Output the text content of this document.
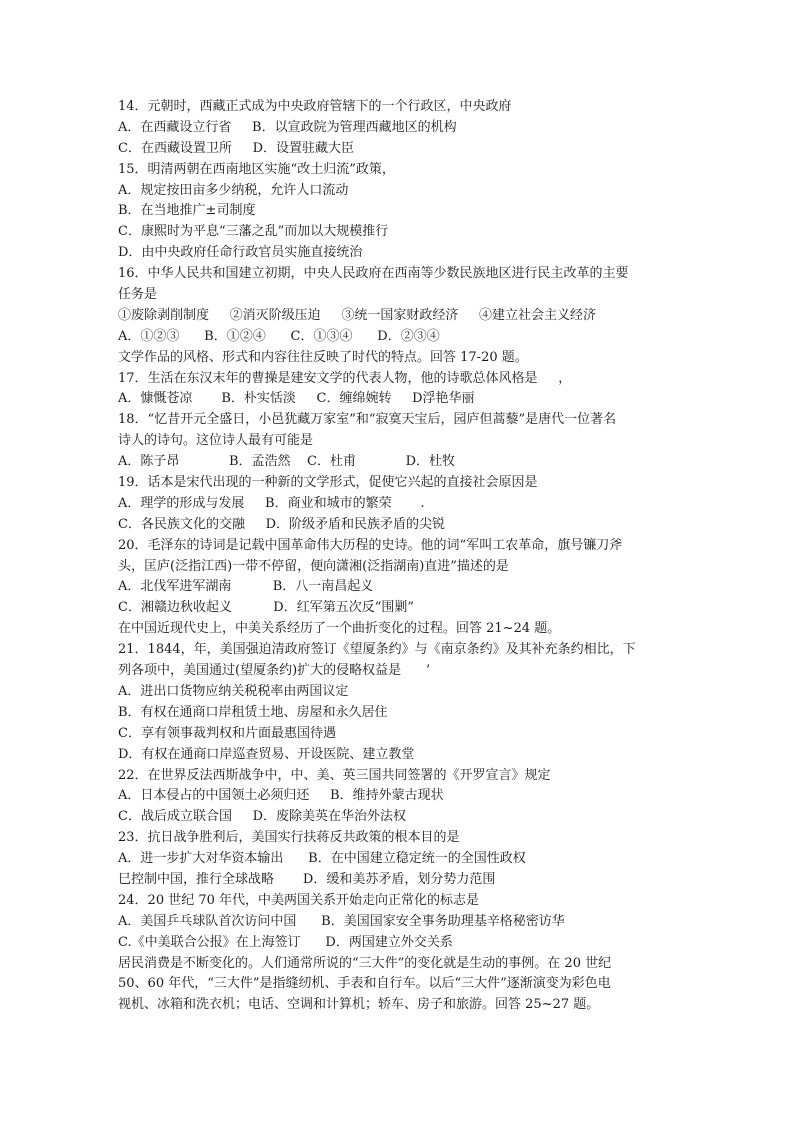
14．元朝时，西藏正式成为中央政府管辖下的一个行政区，中央政府
A．在西藏设立行省     B．以宣政院为管理西藏地区的机构
C．在西藏设置卫所     D．设置驻藏大臣
15．明清两朝在西南地区实施“改土归流”政策，
A．规定按田亩多少纳税，允许人口流动
B．在当地推广±司制度
C．康熙时为平息“三藩之乱”而加以大规模推行
D．由中央政府任命行政官员实施直接统治
16．中华人民共和国建立初期，中央人民政府在西南等少数民族地区进行民主改革的主要
任务是
①废除剥削制度     ②消灭阶级压迫     ③统一国家财政经济     ④建立社会主义经济
A．①②③      B．①②④      C．①③④      D．②③④
文学作品的风格、形式和内容往往反映了时代的特点。回答 17-20 题。
17．生活在东汉末年的曹操是建安文学的代表人物，他的诗歌总体风格是     ，
A．慷慨苍凉       B．朴实恬淡     C．缠绵婉转     D浮艳华丽
18．“忆昔开元全盛日，小邑犹藏万家室”和“寂寞天宝后，园庐但蒿藜”是唐代一位著名
诗人的诗句。这位诗人最有可能是
A．陈子昂            B．孟浩然    C．杜甫            D．杜牧
19．话本是宋代出现的一种新的文学形式，促使它兴起的直接社会原因是
A．理学的形成与发展     B．商业和城市的繁荣       .
C．各民族文化的交融     D．阶级矛盾和民族矛盾的尖锐
20．毛泽东的诗词是记载中国革命伟大历程的史诗。他的词“军叫工农革命，旗号镰刀斧
头，匡庐(泛指江西)一带不停留，便向潇湘(泛指湖南)直进”描述的是
A．北伐军进军湖南          B．八一南昌起义
C．湘赣边秋收起义          D．红军第五次反“围剿”
在中国近现代史上，中美关系经历了一个曲折变化的过程。回答 21~24 题。
21．1844，年，美国强迫清政府签订《望厦条约》与《南京条约》及其补充条约相比，下
列各项中，美国通过(望厦条约)扩大的侵略权益是      ’
A．进出口货物应纳关税税率由两国议定
B．有权在通商口岸租赁土地、房屋和永久居住
C．享有领事裁判权和片面最惠国待遇
D．有权在通商口岸巡查贸易、开设医院、建立教堂
22．在世界反法西斯战争中，中、美、英三国共同签署的《开罗宣言》规定
A．日本侵占的中国领土必须归还     B．维持外蒙古现状
C．战后成立联合国     D．废除美英在华治外法权
23．抗日战争胜利后，美国实行扶蒋反共政策的根本目的是
A．进一步扩大对华资本输出      B．在中国建立稳定统一的全国性政权
巳控制中国，推行全球战略       D．缓和美苏矛盾，划分势力范围
24．20 世纪 70 年代，中美两国关系开始走向正常化的标志是
A．美国乒乓球队首次访问中国      B．美国国家安全事务助理基辛格秘密访华
C.《中美联合公报》在上海签订      D．两国建立外交关系
居民消费是不断变化的。人们通常所说的“三大件”的变化就是生动的事例。在 20 世纪
50、60 年代，“三大件”是指缝纫机、手表和自行车。以后“三大件”逐渐演变为彩色电
视机、冰箱和洗衣机；电话、空调和计算机；轿车、房子和旅游。回答 25~27 题。
